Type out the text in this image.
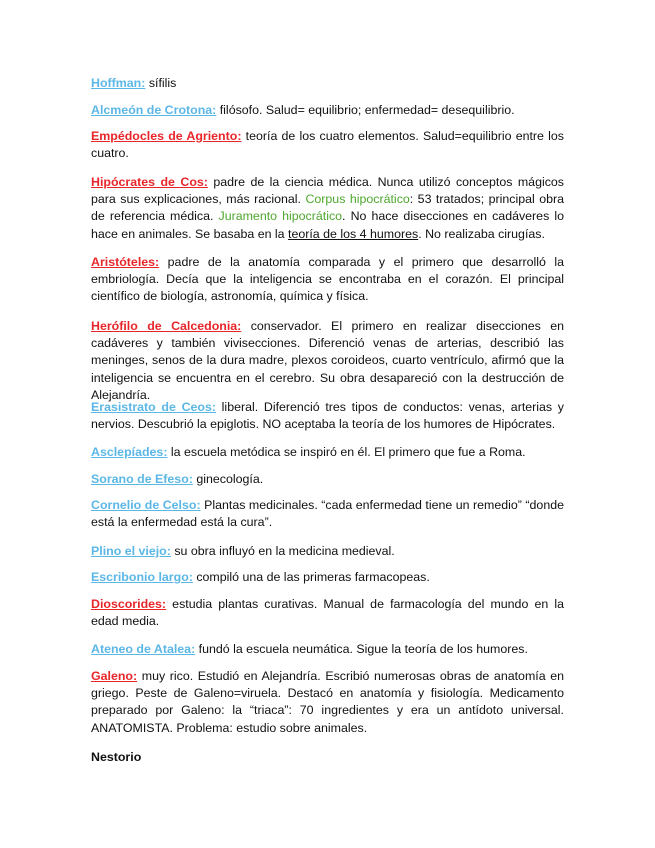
Hoffman: sífilis

Alcmeón de Crotona: filósofo. Salud= equilibrio; enfermedad= desequilibrio.

Empédocles de Agriento: teoría de los cuatro elementos. Salud=equilibrio entre los cuatro.

Hipócrates de Cos: padre de la ciencia médica. Nunca utilizó conceptos mágicos para sus explicaciones, más racional. Corpus hipocrático: 53 tratados; principal obra de referencia médica. Juramento hipocrático. No hace disecciones en cadáveres lo hace en animales. Se basaba en la teoría de los 4 humores. No realizaba cirugías.

Aristóteles: padre de la anatomía comparada y el primero que desarrolló la embriología. Decía que la inteligencia se encontraba en el corazón. El principal científico de biología, astronomía, química y física.

Herófilo de Calcedonia: conservador. El primero en realizar disecciones en cadáveres y también vivisecciones. Diferenció venas de arterias, describió las meninges, senos de la dura madre, plexos coroideos, cuarto ventrículo, afirmó que la inteligencia se encuentra en el cerebro. Su obra desapareció con la destrucción de Alejandría.

Erasistrato de Ceos: liberal. Diferenció tres tipos de conductos: venas, arterias y nervios. Descubrió la epiglotis. NO aceptaba la teoría de los humores de Hipócrates.

Asclepíades: la escuela metódica se inspiró en él. El primero que fue a Roma.

Sorano de Efeso: ginecología.

Cornelio de Celso: Plantas medicinales. “cada enfermedad tiene un remedio” “donde está la enfermedad está la cura”.

Plino el viejo: su obra influyó en la medicina medieval.

Escribonio largo: compiló una de las primeras farmacopeas.

Dioscorides: estudia plantas curativas. Manual de farmacología del mundo en la edad media.

Ateneo de Atalea: fundó la escuela neumática. Sigue la teoría de los humores.

Galeno: muy rico. Estudió en Alejandría. Escribió numerosas obras de anatomía en griego. Peste de Galeno=viruela. Destacó en anatomía y fisiología. Medicamento preparado por Galeno: la “triaca”: 70 ingredientes y era un antídoto universal. ANATOMISTA. Problema: estudio sobre animales.

Nestorio
